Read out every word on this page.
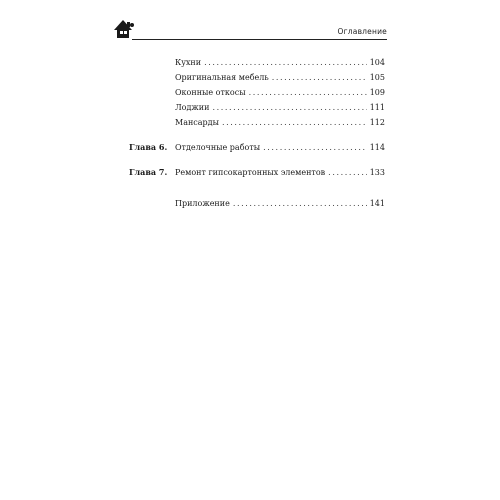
Оглавление
Кухни .....	104
Оригинальная мебель .....	105
Оконные откосы .....	109
Лоджии .....	111
Мансарды .....	112
Глава 6. Отделочные работы .....	114
Глава 7. Ремонт гипсокартонных элементов .....	133
Приложение .....	141
